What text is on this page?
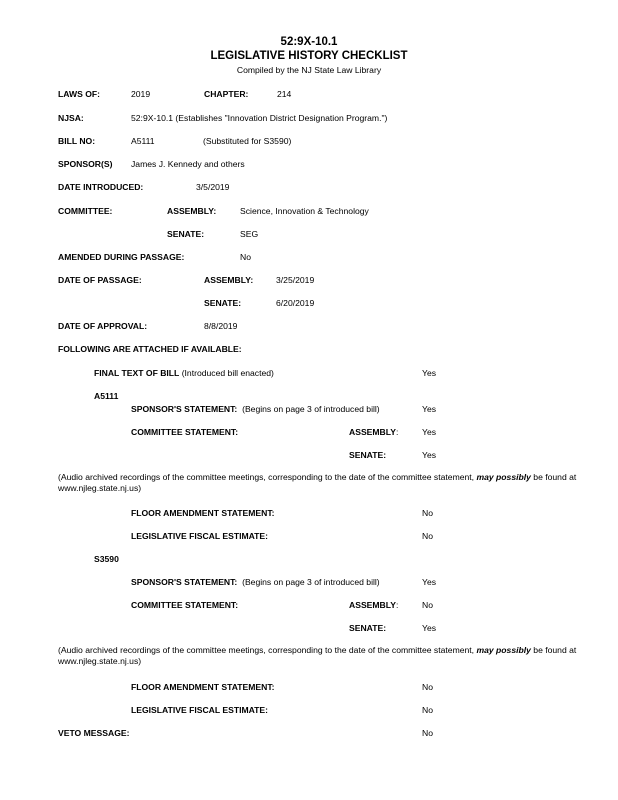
52:9X-10.1
LEGISLATIVE HISTORY CHECKLIST
Compiled by the NJ State Law Library
LAWS OF:	2019	CHAPTER:	214
NJSA:	52:9X-10.1 (Establishes "Innovation District Designation Program.")
BILL NO:	A5111	(Substituted for S3590)
SPONSOR(S) James J. Kennedy and others
DATE INTRODUCED:	3/5/2019
COMMITTEE:	ASSEMBLY:	Science, Innovation & Technology
SENATE:	SEG
AMENDED DURING PASSAGE:	No
DATE OF PASSAGE:	ASSEMBLY:	3/25/2019
SENATE:	6/20/2019
DATE OF APPROVAL:	8/8/2019
FOLLOWING ARE ATTACHED IF AVAILABLE:
FINAL TEXT OF BILL (Introduced bill enacted)	Yes
A5111
SPONSOR'S STATEMENT: (Begins on page 3 of introduced bill)	Yes
COMMITTEE STATEMENT:	ASSEMBLY:	Yes
SENATE:	Yes
(Audio archived recordings of the committee meetings, corresponding to the date of the committee statement, may possibly be found at www.njleg.state.nj.us)
FLOOR AMENDMENT STATEMENT:	No
LEGISLATIVE FISCAL ESTIMATE:	No
S3590
SPONSOR'S STATEMENT: (Begins on page 3 of introduced bill)	Yes
COMMITTEE STATEMENT:	ASSEMBLY:	No
SENATE:	Yes
(Audio archived recordings of the committee meetings, corresponding to the date of the committee statement, may possibly be found at www.njleg.state.nj.us)
FLOOR AMENDMENT STATEMENT:	No
LEGISLATIVE FISCAL ESTIMATE:	No
VETO MESSAGE:	No
